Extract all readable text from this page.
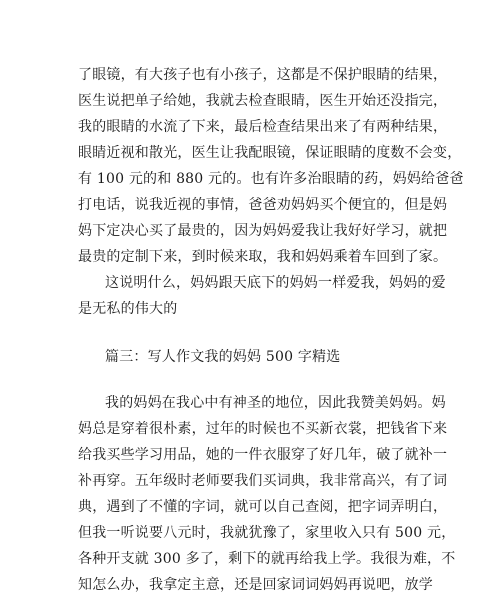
了眼镜，有大孩子也有小孩子，这都是不保护眼睛的结果，
医生说把单子给她，我就去检查眼睛，医生开始还没指完，
我的眼睛的水流了下来，最后检查结果出来了有两种结果，
眼睛近视和散光，医生让我配眼镜，保证眼睛的度数不会变，
有 100 元的和 880 元的。也有许多治眼睛的药，妈妈给爸爸
打电话，说我近视的事情，爸爸劝妈妈买个便宜的，但是妈
妈下定决心买了最贵的，因为妈妈爱我让我好好学习，就把
最贵的定制下来，到时候来取，我和妈妈乘着车回到了家。
这说明什么，妈妈跟天底下的妈妈一样爱我，妈妈的爱
是无私的伟大的
篇三：写人作文我的妈妈 500 字精选
我的妈妈在我心中有神圣的地位，因此我赞美妈妈。妈
妈总是穿着很朴素，过年的时候也不买新衣裳，把钱省下来
给我买些学习用品，她的一件衣服穿了好几年，破了就补一
补再穿。五年级时老师要我们买词典，我非常高兴，有了词
典，遇到了不懂的字词，就可以自己查阅，把字词弄明白，
但我一听说要八元时，我就犹豫了，家里收入只有 500 元，
各种开支就 300 多了，剩下的就再给我上学。我很为难，不
知怎么办，我拿定主意，还是回家词词妈妈再说吧，放学
